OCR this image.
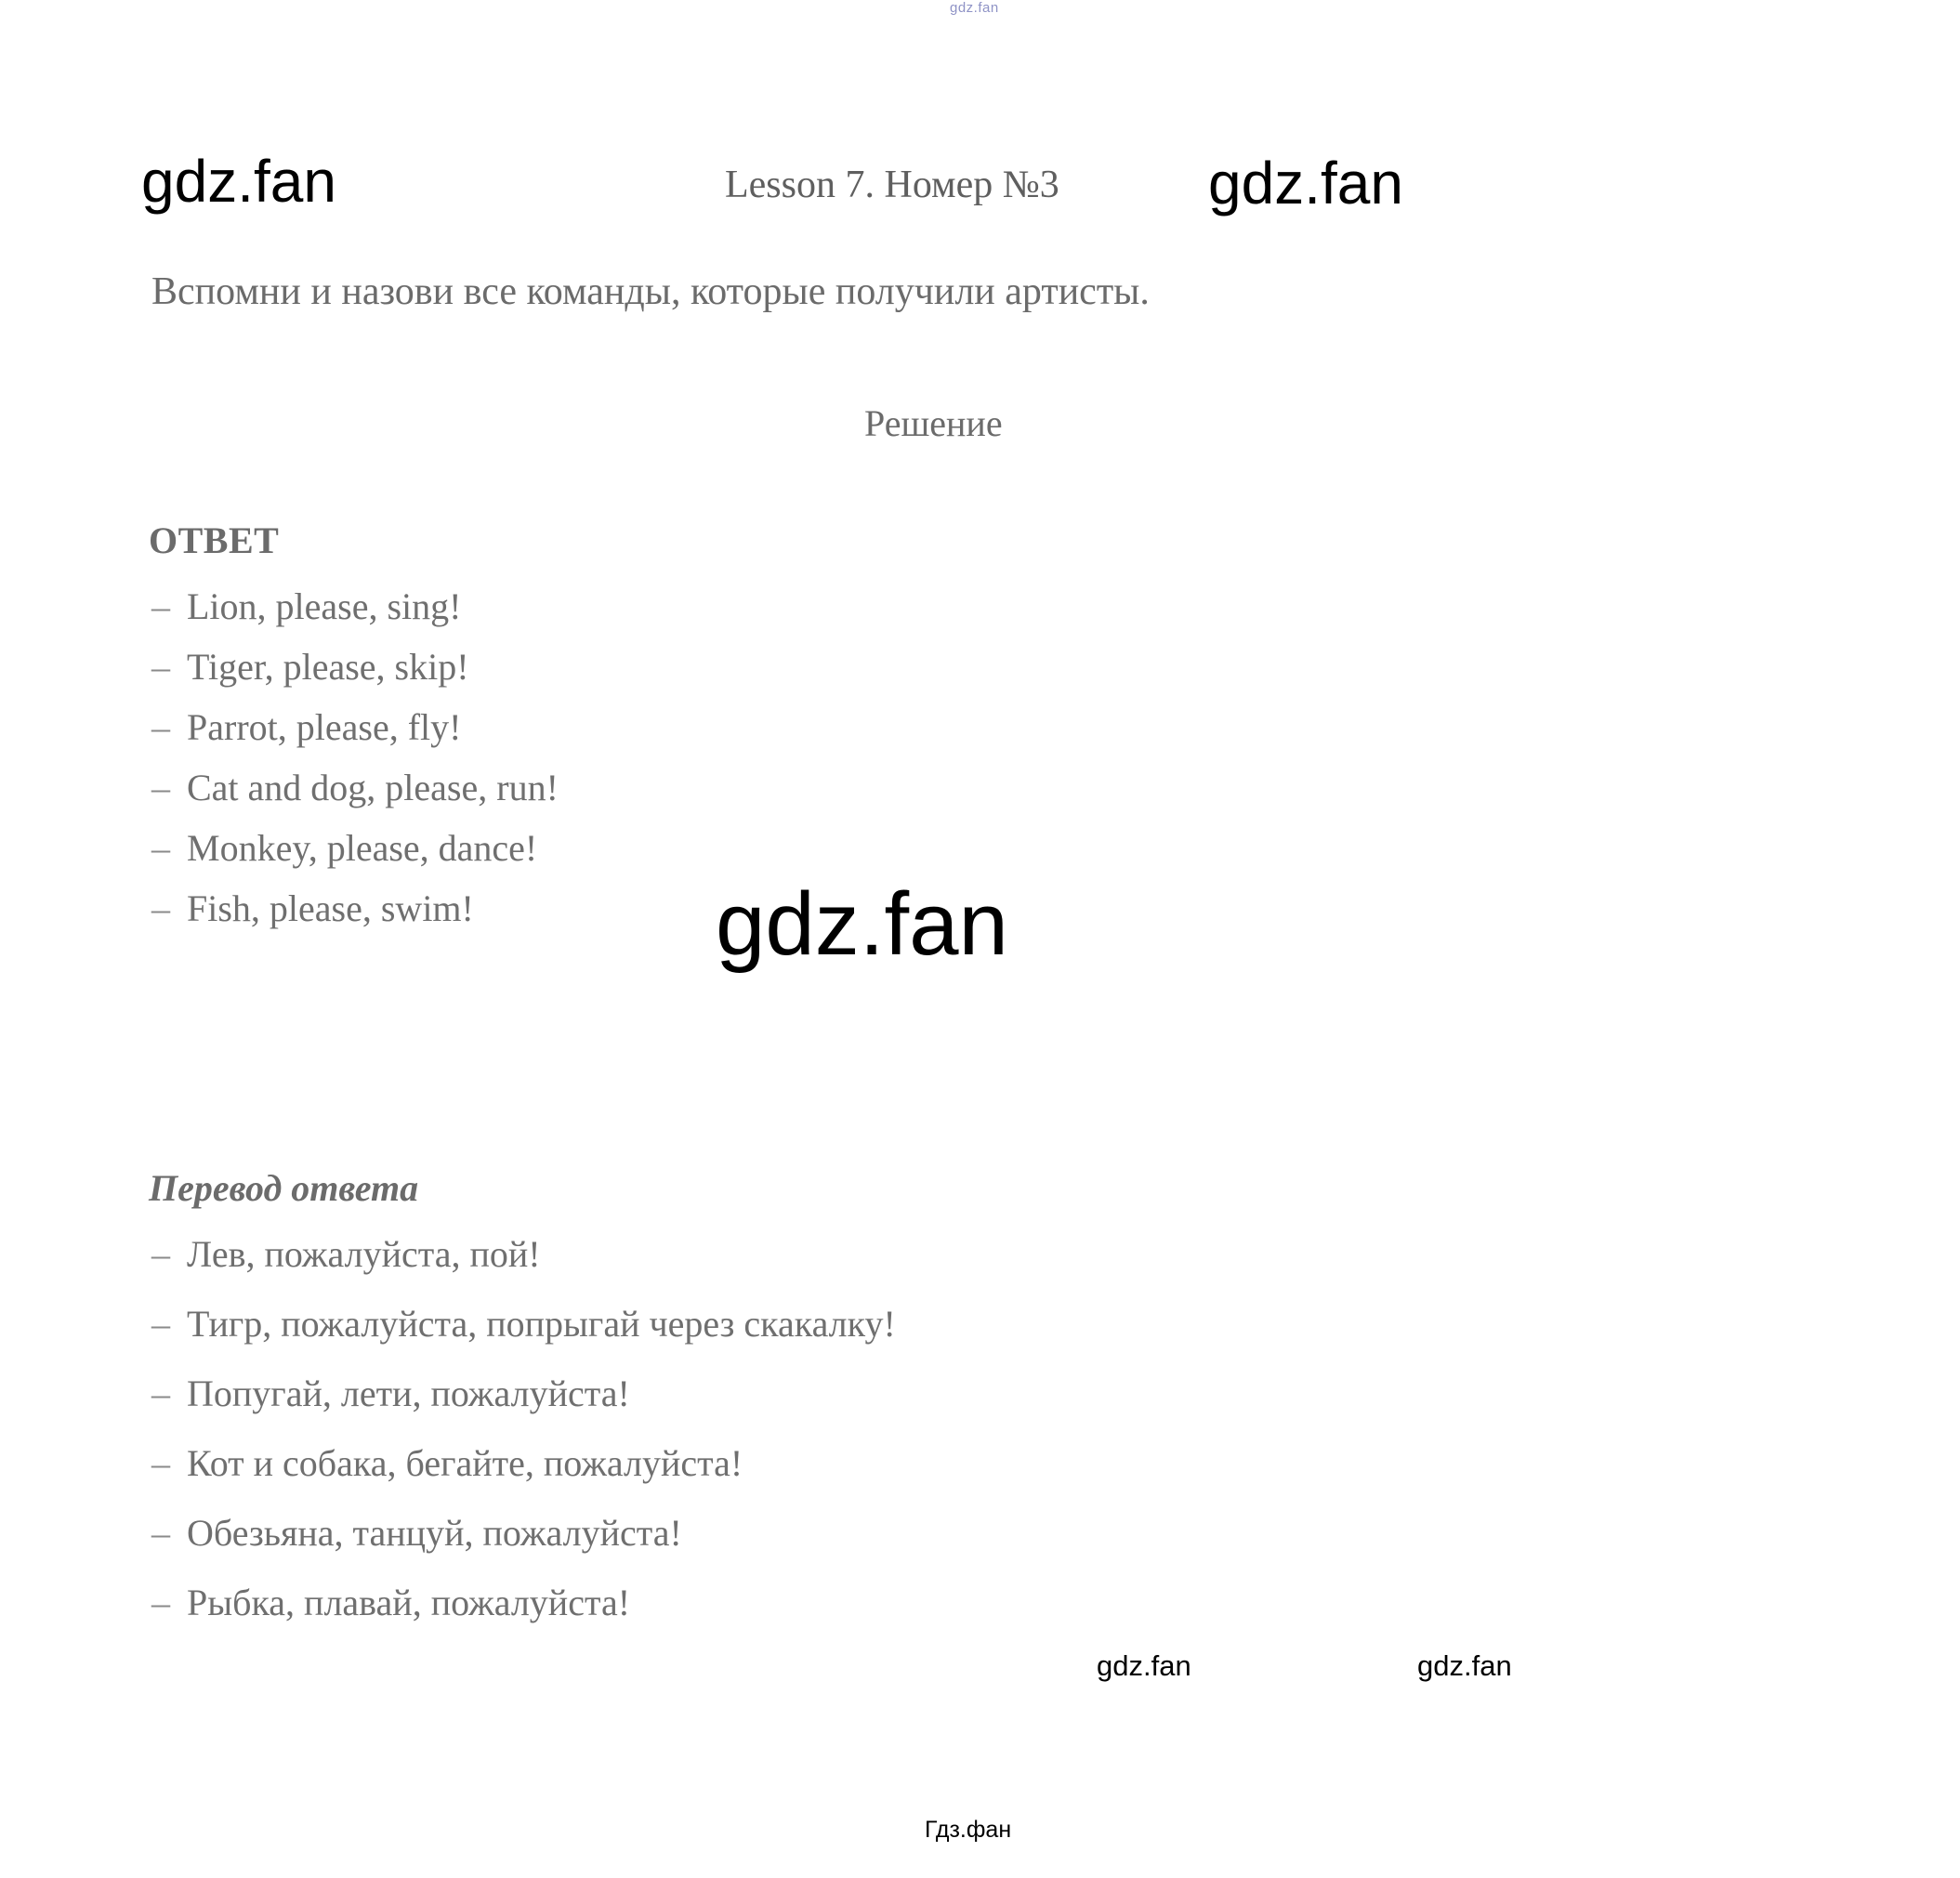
gdz.fan
gdz.fan	Lesson 7. Номер №3	gdz.fan
Вспомни и назови все команды, которые получили артисты.
Решение
ОТВЕТ
– Lion, please, sing!
– Tiger, please, skip!
– Parrot, please, fly!
– Cat and dog, please, run!
– Monkey, please, dance!
– Fish, please, swim!	gdz.fan
Перевод ответа
– Лев, пожалуйста, пой!
– Тигр, пожалуйста, попрыгай через скакалку!
– Попугай, лети, пожалуйста!
– Кот и собака, бегайте, пожалуйста!
– Обезьяна, танцуй, пожалуйста!
– Рыбка, плавай, пожалуйста!
gdz.fan	gdz.fan
Гдз.фан
